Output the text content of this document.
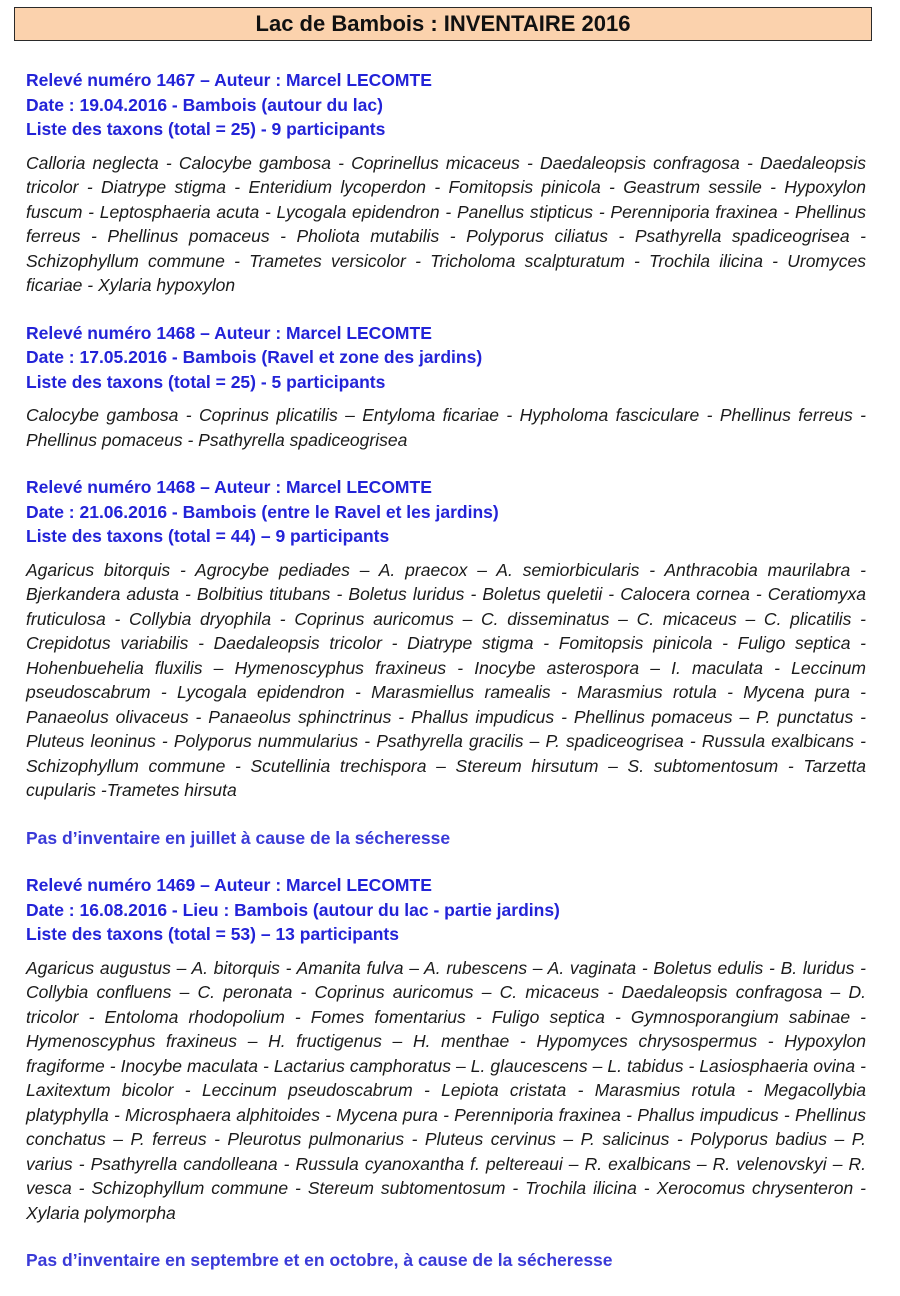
Lac de Bambois : INVENTAIRE 2016
Relevé numéro 1467 – Auteur : Marcel LECOMTE
Date : 19.04.2016 - Bambois (autour du lac)
Liste des taxons (total = 25) - 9 participants
Calloria neglecta - Calocybe gambosa - Coprinellus micaceus - Daedaleopsis confragosa - Daedaleopsis tricolor - Diatrype stigma - Enteridium lycoperdon - Fomitopsis pinicola - Geastrum sessile - Hypoxylon fuscum - Leptosphaeria acuta - Lycogala epidendron - Panellus stipticus - Perenniporia fraxinea - Phellinus ferreus - Phellinus pomaceus - Pholiota mutabilis - Polyporus ciliatus - Psathyrella spadiceogrisea - Schizophyllum commune - Trametes versicolor - Tricholoma scalpturatum - Trochila ilicina - Uromyces ficariae - Xylaria hypoxylon
Relevé numéro 1468 – Auteur : Marcel LECOMTE
Date : 17.05.2016 - Bambois (Ravel et zone des jardins)
Liste des taxons (total = 25) - 5 participants
Calocybe gambosa - Coprinus plicatilis – Entyloma ficariae - Hypholoma fasciculare - Phellinus ferreus - Phellinus pomaceus - Psathyrella spadiceogrisea
Relevé numéro 1468 – Auteur : Marcel LECOMTE
Date : 21.06.2016 - Bambois (entre le Ravel et les jardins)
Liste des taxons (total = 44) – 9 participants
Agaricus bitorquis - Agrocybe pediades – A. praecox – A. semiorbicularis - Anthracobia maurilabra - Bjerkandera adusta - Bolbitius titubans - Boletus luridus - Boletus queletii - Calocera cornea - Ceratiomyxa fruticulosa - Collybia dryophila - Coprinus auricomus – C. disseminatus – C. micaceus – C. plicatilis - Crepidotus variabilis - Daedaleopsis tricolor - Diatrype stigma - Fomitopsis pinicola - Fuligo septica - Hohenbuehelia fluxilis – Hymenoscyphus fraxineus - Inocybe asterospora – I. maculata - Leccinum pseudoscabrum - Lycogala epidendron - Marasmiellus ramealis - Marasmius rotula - Mycena pura - Panaeolus olivaceus - Panaeolus sphinctrinus - Phallus impudicus - Phellinus pomaceus – P. punctatus - Pluteus leoninus - Polyporus nummularius - Psathyrella gracilis – P. spadiceogrisea - Russula exalbicans - Schizophyllum commune - Scutellinia trechispora – Stereum hirsutum – S. subtomentosum - Tarzetta cupularis -Trametes hirsuta
Pas d’inventaire en juillet à cause de la sécheresse
Relevé numéro 1469 – Auteur : Marcel LECOMTE
Date : 16.08.2016 - Lieu : Bambois (autour du lac - partie jardins)
Liste des taxons (total = 53) – 13 participants
Agaricus augustus – A. bitorquis - Amanita fulva – A. rubescens – A. vaginata - Boletus edulis - B. luridus - Collybia confluens – C. peronata - Coprinus auricomus – C. micaceus - Daedaleopsis confragosa – D. tricolor - Entoloma rhodopolium - Fomes fomentarius - Fuligo septica - Gymnosporangium sabinae - Hymenoscyphus fraxineus – H. fructigenus – H. menthae - Hypomyces chrysospermus - Hypoxylon fragiforme - Inocybe maculata - Lactarius camphoratus – L. glaucescens – L. tabidus - Lasiosphaeria ovina - Laxitextum bicolor - Leccinum pseudoscabrum - Lepiota cristata - Marasmius rotula - Megacollybia platyphylla - Microsphaera alphitoides - Mycena pura - Perenniporia fraxinea - Phallus impudicus - Phellinus conchatus – P. ferreus - Pleurotus pulmonarius - Pluteus cervinus – P. salicinus - Polyporus badius – P. varius - Psathyrella candolleana - Russula cyanoxantha f. peltereaui – R. exalbicans – R. velenovskyi – R. vesca - Schizophyllum commune - Stereum subtomentosum - Trochila ilicina - Xerocomus chrysenteron - Xylaria polymorpha
Pas d’inventaire en septembre et en octobre, à cause de la sécheresse
